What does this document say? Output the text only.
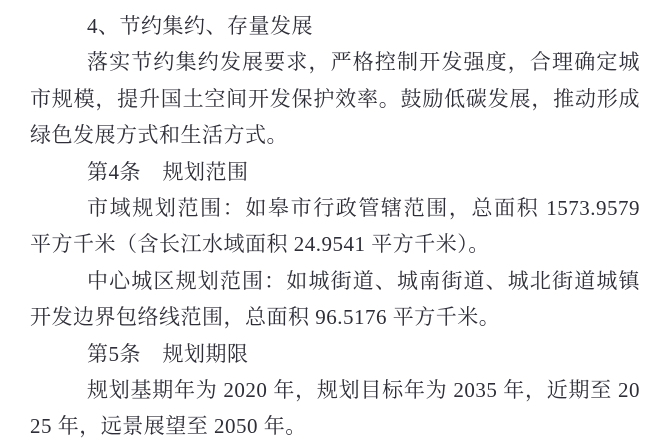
4、节约集约、存量发展

落实节约集约发展要求，严格控制开发强度，合理确定城市规模，提升国土空间开发保护效率。鼓励低碳发展，推动形成绿色发展方式和生活方式。

第4条　规划范围

市域规划范围：如皋市行政管辖范围，总面积 1573.9579 平方千米（含长江水域面积 24.9541 平方千米）。

中心城区规划范围：如城街道、城南街道、城北街道城镇开发边界包络线范围，总面积 96.5176 平方千米。

第5条　规划期限

规划基期年为 2020 年，规划目标年为 2035 年，近期至 2025 年，远景展望至 2050 年。
